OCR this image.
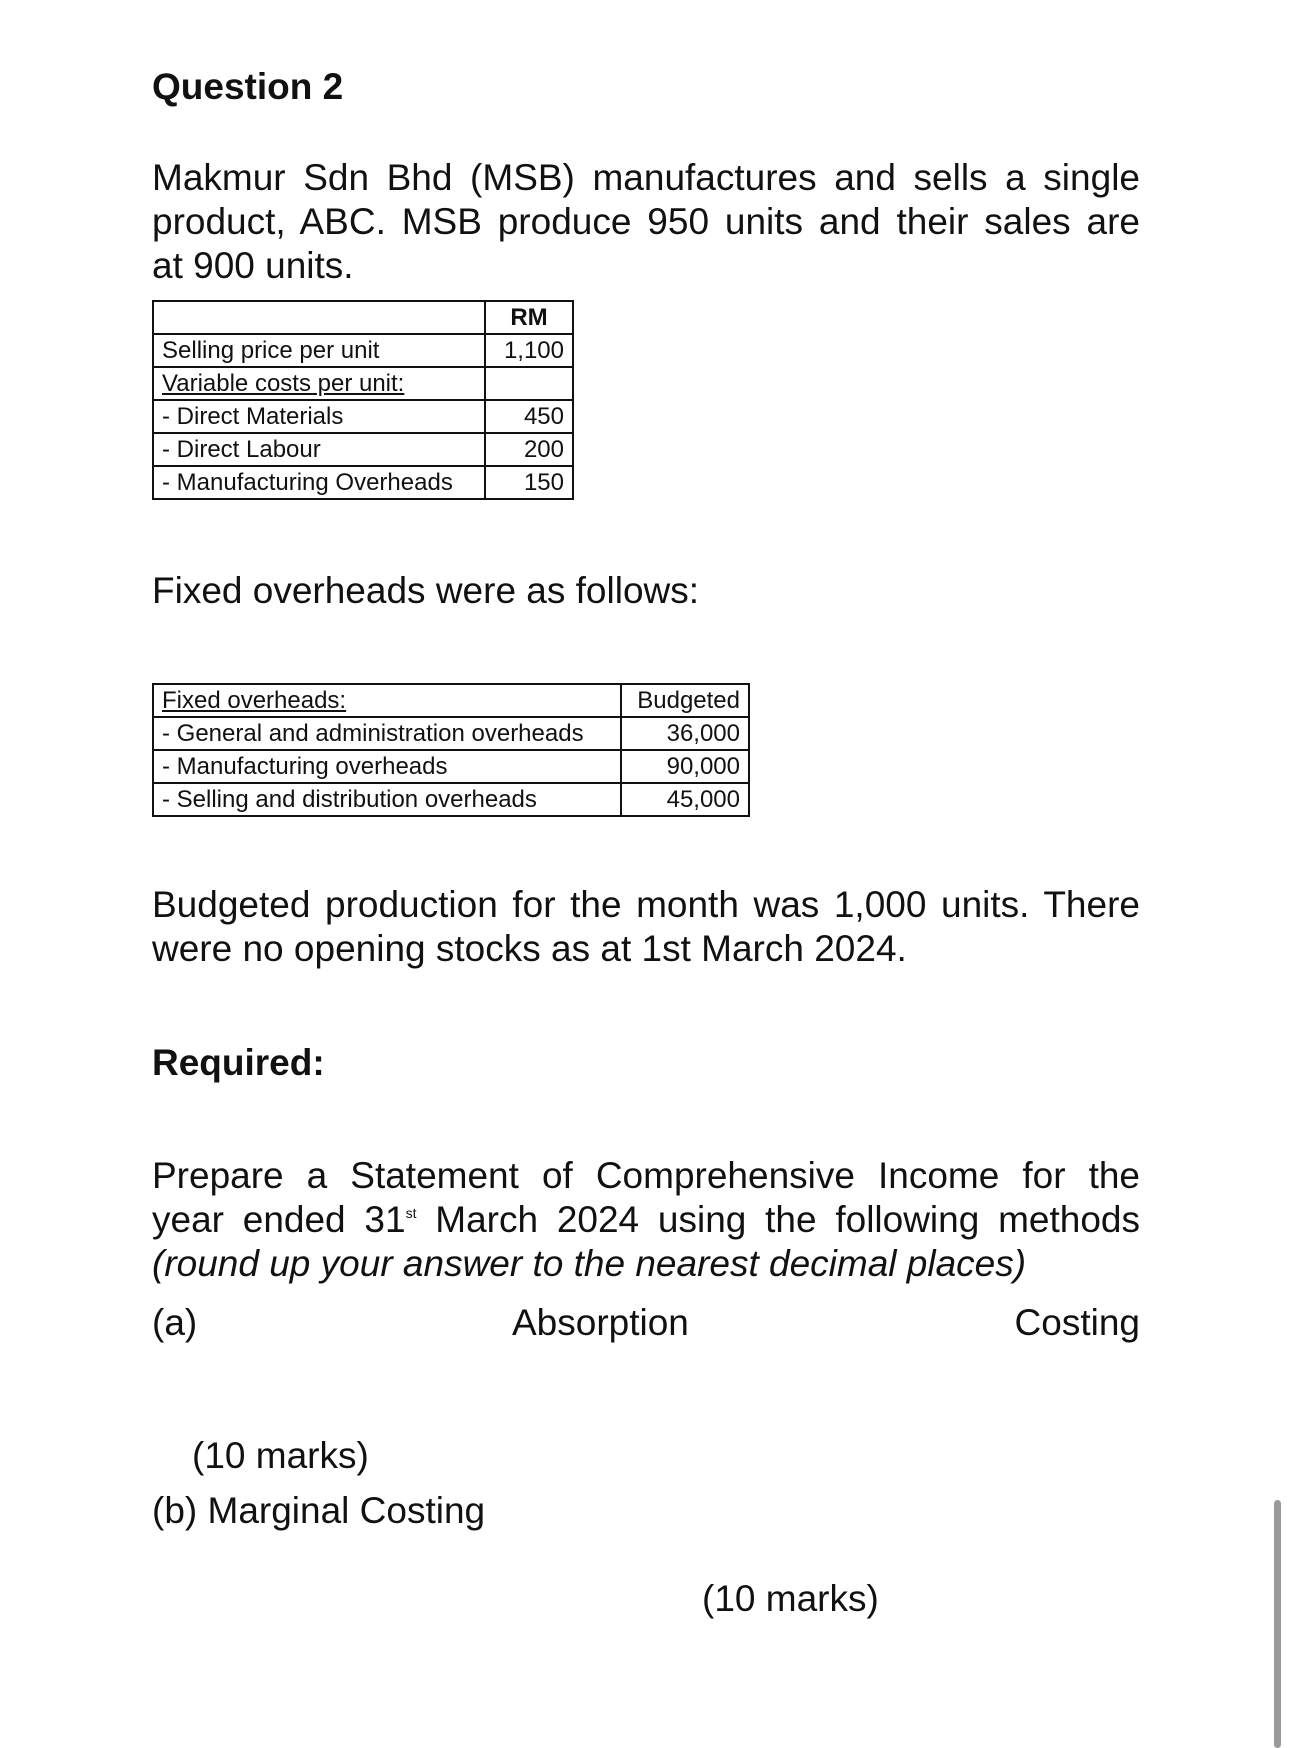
Question 2
Makmur Sdn Bhd (MSB) manufactures and sells a single
product, ABC. MSB produce 950 units and their sales are
at 900 units.
	RM
Selling price per unit	1,100
Variable costs per unit:	
- Direct Materials	450
- Direct Labour	200
- Manufacturing Overheads	150
Fixed overheads were as follows:
Fixed overheads:	Budgeted
- General and administration overheads	36,000
- Manufacturing overheads	90,000
- Selling and distribution overheads	45,000
Budgeted production for the month was 1,000 units. There
were no opening stocks as at 1st March 2024.
Required:
Prepare a Statement of Comprehensive Income for the
year ended 31st March 2024 using the following methods
(round up your answer to the nearest decimal places)
(a)	Absorption	Costing
(10 marks)
(b) Marginal Costing
(10 marks)
